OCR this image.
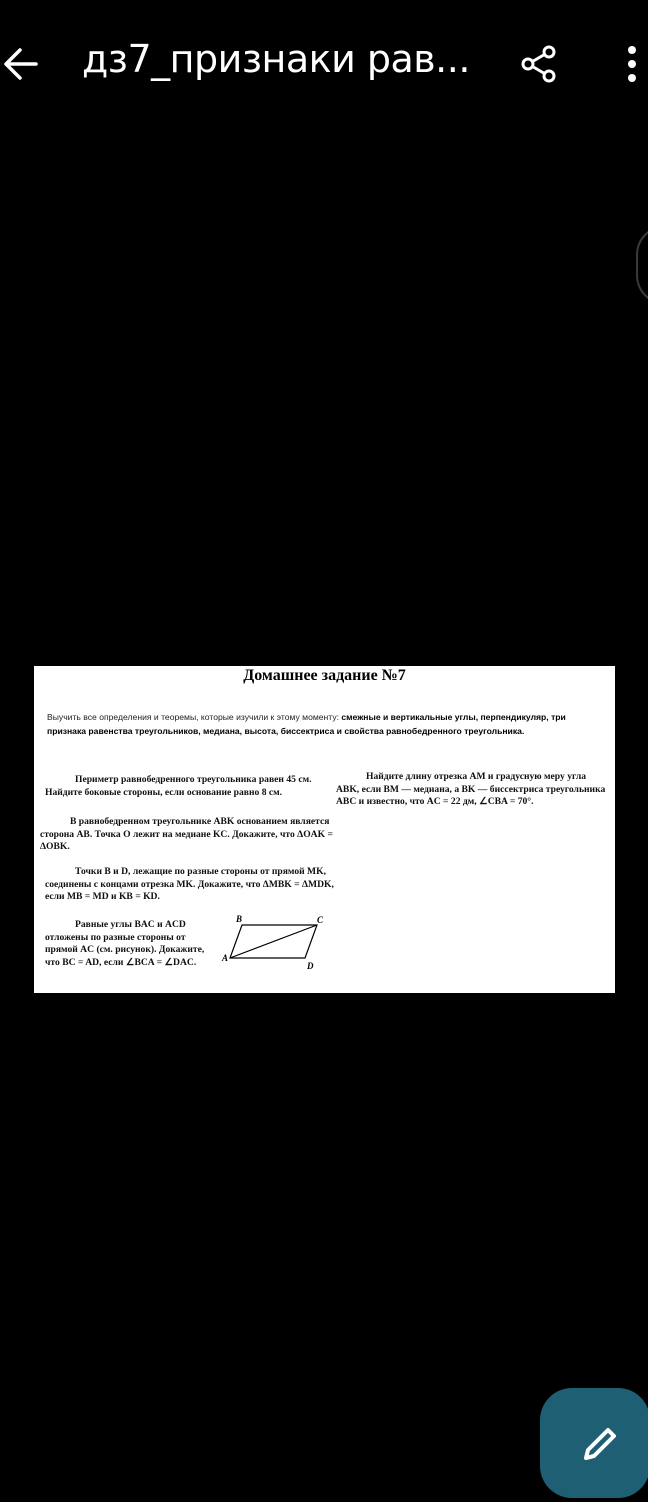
дз7_признаки рав...
Домашнее задание №7
Выучить все определения и теоремы, которые изучили к этому моменту: смежные и вертикальные углы, перпендикуляр, три признака равенства треугольников, медиана, высота, биссектриса и свойства равнобедренного треугольника.
Периметр равнобедренного треугольника равен 45 см. Найдите боковые стороны, если основание равно 8 см.
Найдите длину отрезка AM и градусную меру угла ABK, если BM — медиана, а BK — биссектриса треугольника ABC и известно, что AC = 22 дм, ∠CBA = 70°.
В равнобедренном треугольнике ABK основанием является сторона AB. Точка O лежит на медиане KC. Докажите, что ΔOAK = ΔOBK.
Точки B и D, лежащие по разные стороны от прямой MK, соединены с концами отрезка MK. Докажите, что ΔMBK = ΔMDK, если MB = MD и KB = KD.
Равные углы BAC и ACD отложены по разные стороны от прямой AC (см. рисунок). Докажите, что BC = AD, если ∠BCA = ∠DAC.
B	C
A
D
